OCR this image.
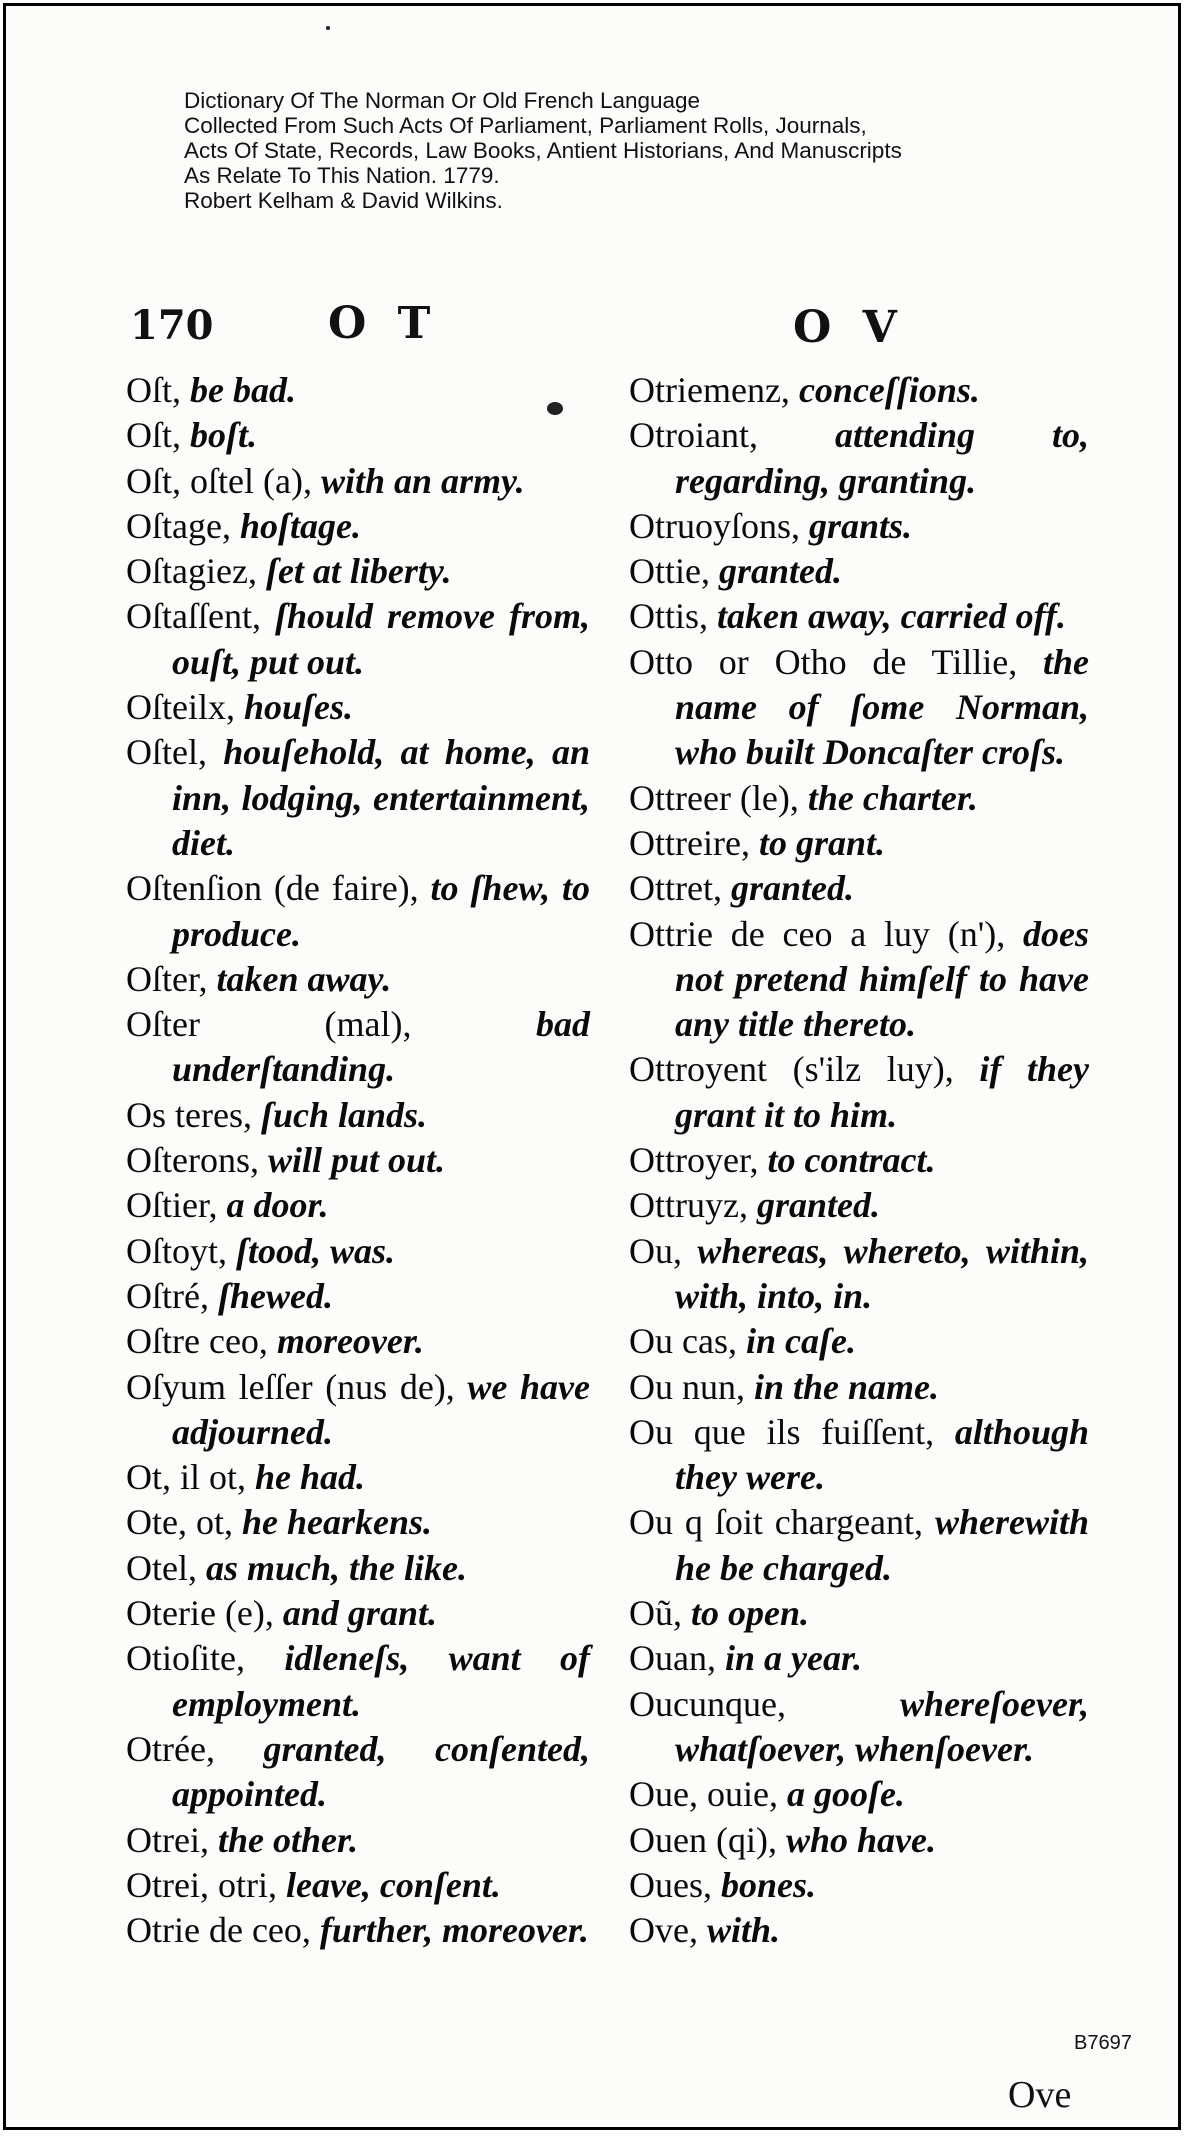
Dictionary Of The Norman Or Old French Language
Collected From Such Acts Of Parliament, Parliament Rolls, Journals,
Acts Of State, Records, Law Books, Antient Historians, And Manuscripts
As Relate To This Nation. 1779.
Robert Kelham & David Wilkins.
170	O T	O V
Oſt, be bad.
Oſt, boſt.
Oſt, oſtel (a), with an army.
Oſtage, hoſtage.
Oſtagiez, ſet at liberty.
Oſtaſſent, ſhould remove from, ouſt, put out.
Oſteilx, houſes.
Oſtel, houſehold, at home, an inn, lodging, entertainment, diet.
Oſtenſion (de faire), to ſhew, to produce.
Oſter, taken away.
Oſter (mal), bad underſtanding.
Os teres, ſuch lands.
Oſterons, will put out.
Oſtier, a door.
Oſtoyt, ſtood, was.
Oſtré, ſhewed.
Oſtre ceo, moreover.
Oſyum leſſer (nus de), we have adjourned.
Ot, il ot, he had.
Ote, ot, he hearkens.
Otel, as much, the like.
Oterie (e), and grant.
Otioſite, idleneſs, want of employment.
Otrée, granted, conſented, appointed.
Otrei, the other.
Otrei, otri, leave, conſent.
Otrie de ceo, further, moreover.
Otriemenz, conceſſions.
Otroiant, attending to, regarding, granting.
Otruoyſons, grants.
Ottie, granted.
Ottis, taken away, carried off.
Otto or Otho de Tillie, the name of ſome Norman, who built Doncaſter croſs.
Ottreer (le), the charter.
Ottreire, to grant.
Ottret, granted.
Ottrie de ceo a luy (n'), does not pretend himſelf to have any title thereto.
Ottroyent (s'ilz luy), if they grant it to him.
Ottroyer, to contract.
Ottruyz, granted.
Ou, whereas, whereto, within, with, into, in.
Ou cas, in caſe.
Ou nun, in the name.
Ou que ils fuiſſent, although they were.
Ou q ſoit chargeant, wherewith he be charged.
Oũ, to open.
Ouan, in a year.
Oucunque, whereſoever, whatſoever, whenſoever.
Oue, ouie, a gooſe.
Ouen (qi), who have.
Oues, bones.
Ove, with.
B7697
Ove
